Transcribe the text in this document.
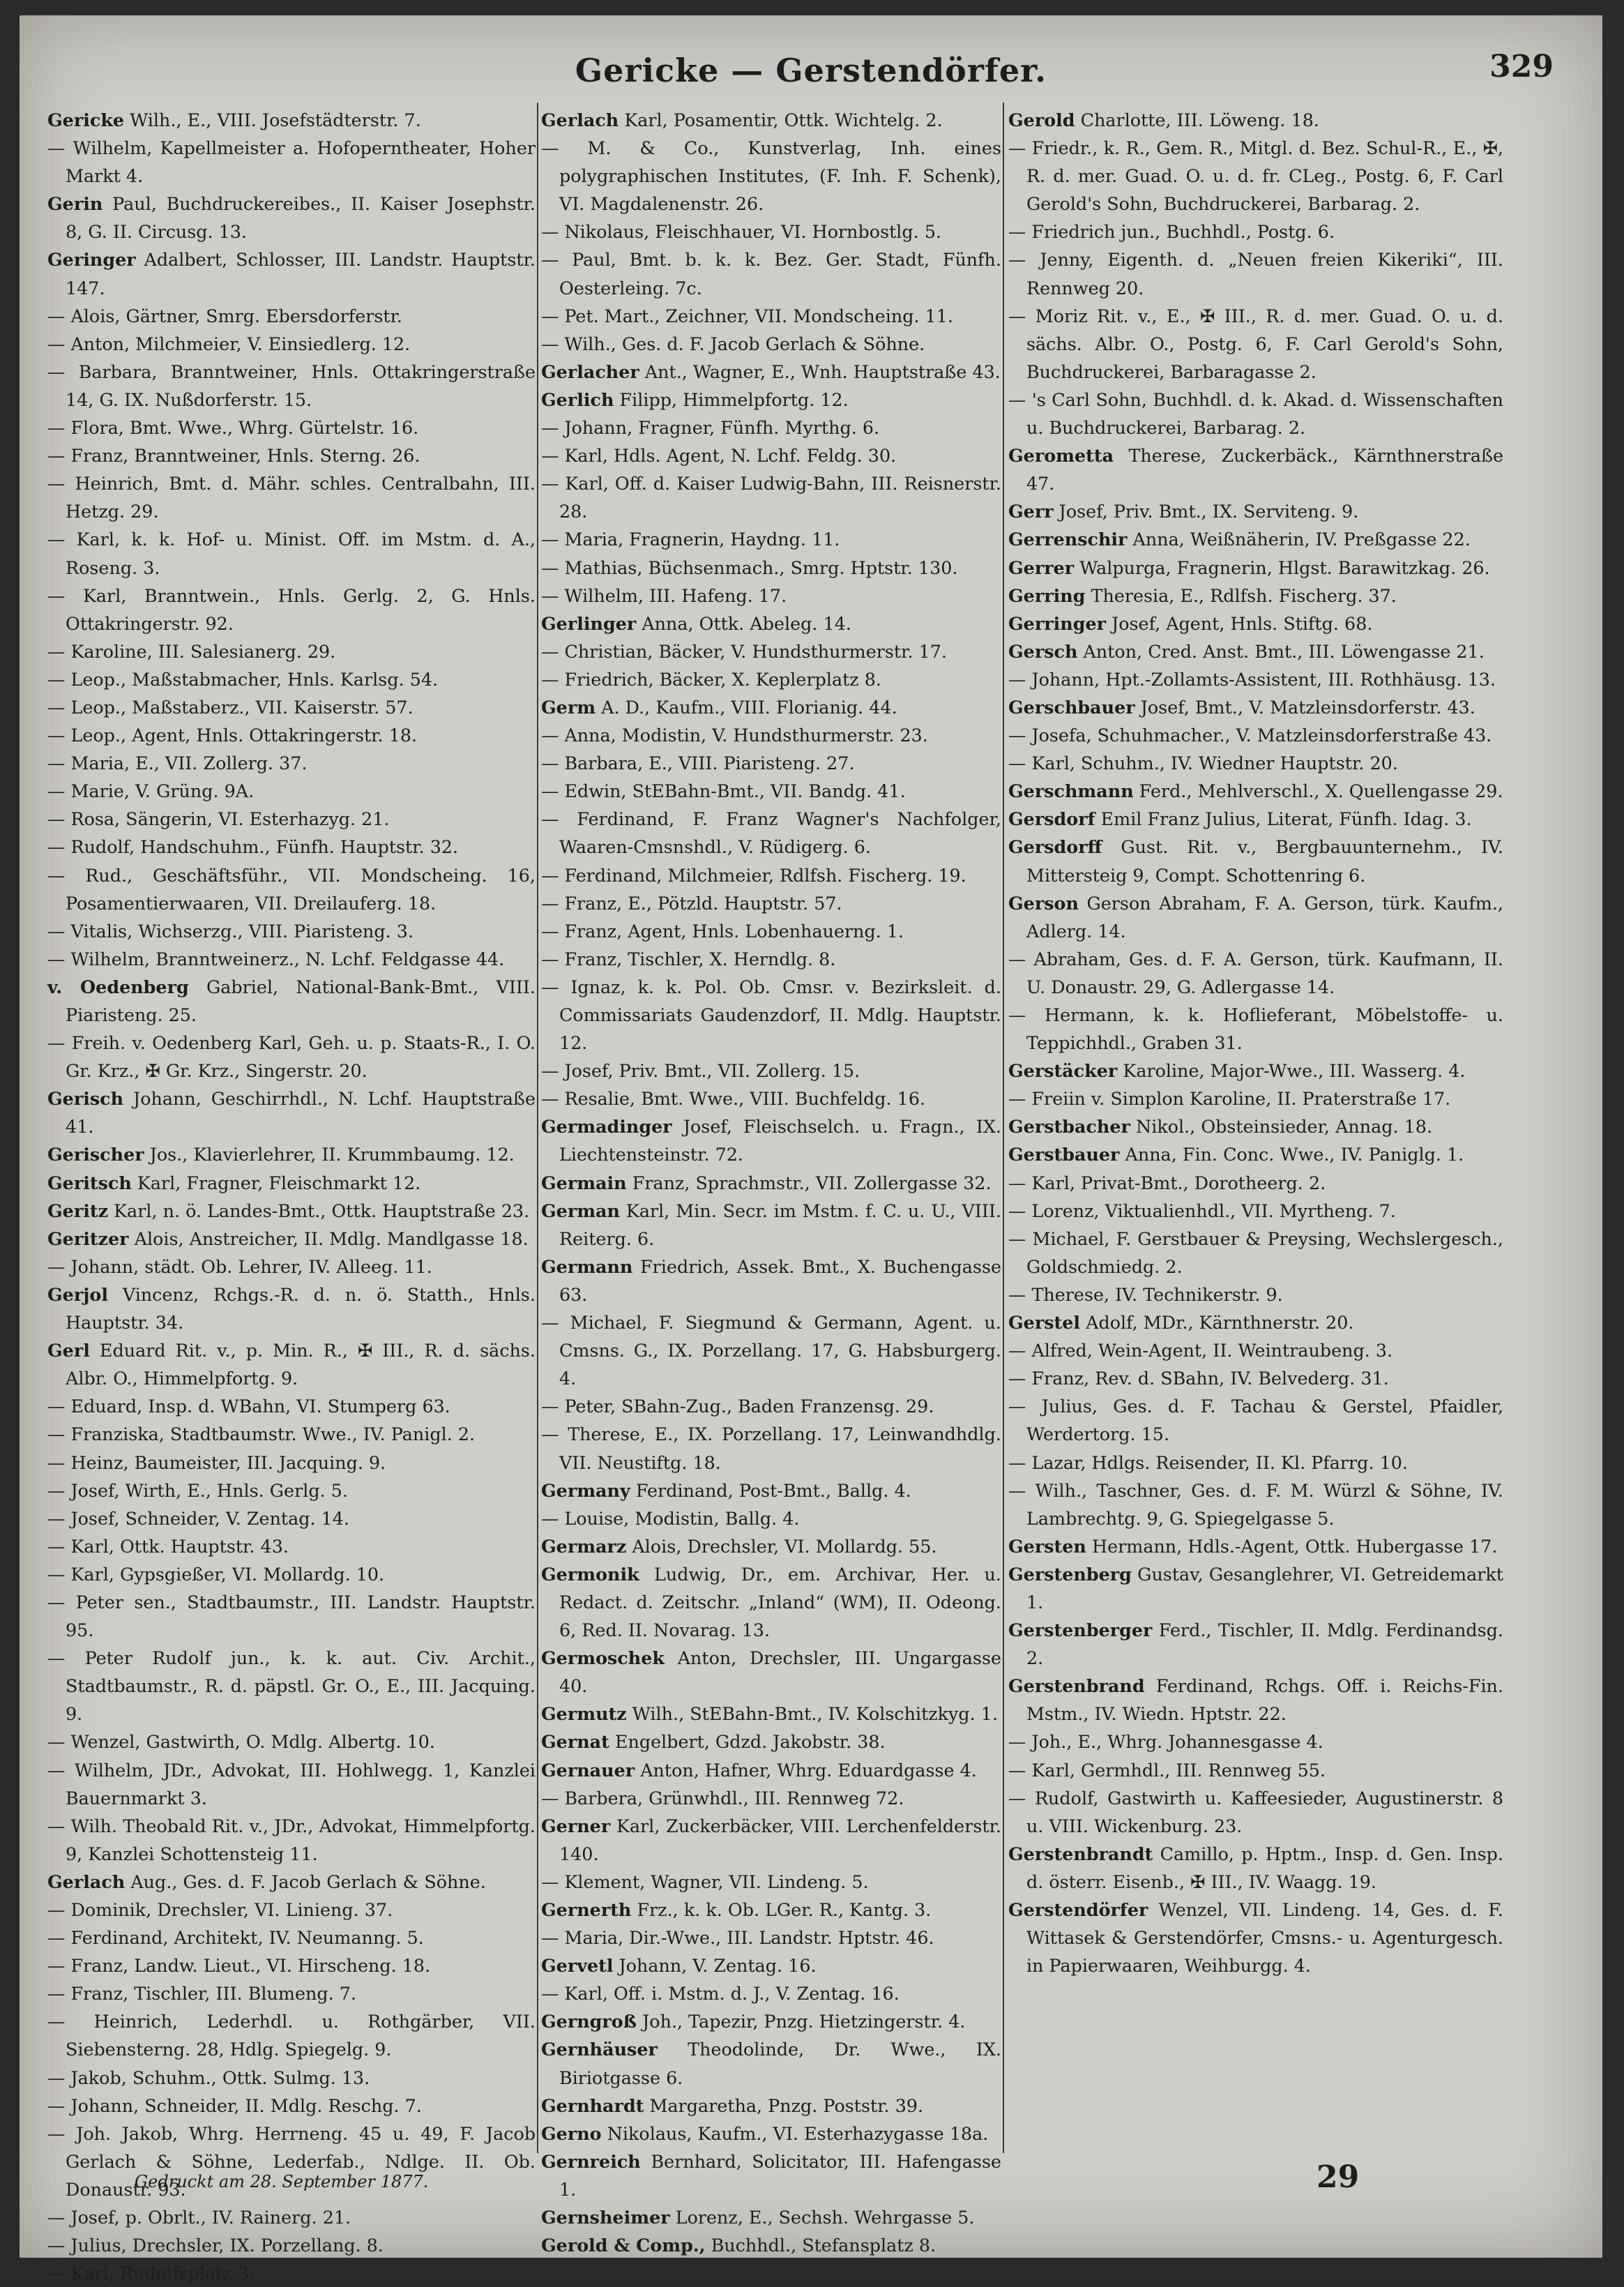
Gericke — Gerstendörfer.	329
Gericke Wilh., E., VIII. Josefstädterstr. 7.
— Wilhelm, Kapellmeister a. Hofoperntheater, Hoher Markt 4.
Gerin Paul, Buchdruckereibes., II. Kaiser Josephstr. 8, G. II. Circusg. 13.
Geringer Adalbert, Schlosser, III. Landstr. Hauptstr. 147.
— Alois, Gärtner, Smrg. Ebersdorferstr.
— Anton, Milchmeier, V. Einsiedlerg. 12.
— Barbara, Branntweiner, Hnls. Ottakringerstraße 14, G. IX. Nußdorferstr. 15.
— Flora, Bmt. Wwe., Whrg. Gürtelstr. 16.
— Franz, Branntweiner, Hnls. Sterng. 26.
— Heinrich, Bmt. d. Mähr. schles. Centralbahn, III. Hetzg. 29.
— Karl, k. k. Hof- u. Minist. Off. im Mstm. d. A., Roseng. 3.
— Karl, Branntwein., Hnls. Gerlg. 2, G. Hnls. Ottakringerstr. 92.
— Karoline, III. Salesianerg. 29.
— Leop., Maßstabmacher, Hnls. Karlsg. 54.
— Leop., Maßstaberz., VII. Kaiserstr. 57.
— Leop., Agent, Hnls. Ottakringerstr. 18.
— Maria, E., VII. Zollerg. 37.
— Marie, V. Grüng. 9A.
— Rosa, Sängerin, VI. Esterhazyg. 21.
— Rudolf, Handschuhm., Fünfh. Hauptstr. 32.
— Rud., Geschäftsführ., VII. Mondscheing. 16, Posamentierwaaren, VII. Dreilauferg. 18.
— Vitalis, Wichserzg., VIII. Piaristeng. 3.
— Wilhelm, Branntweinerz., N. Lchf. Feldgasse 44.
v. Oedenberg Gabriel, National-Bank-Bmt., VIII. Piaristeng. 25.
— Freih. v. Oedenberg Karl, Geh. u. p. Staats-R., I. O. Gr. Krz., ✠ Gr. Krz., Singerstr. 20.
Gerisch Johann, Geschirrhdl., N. Lchf. Hauptstraße 41.
Gerischer Jos., Klavierlehrer, II. Krummbaumg. 12.
Geritsch Karl, Fragner, Fleischmarkt 12.
Geritz Karl, n. ö. Landes-Bmt., Ottk. Hauptstraße 23.
Geritzer Alois, Anstreicher, II. Mdlg. Mandlgasse 18.
— Johann, städt. Ob. Lehrer, IV. Alleeg. 11.
Gerjol Vincenz, Rchgs.-R. d. n. ö. Statth., Hnls. Hauptstr. 34.
Gerl Eduard Rit. v., p. Min. R., ✠ III., R. d. sächs. Albr. O., Himmelpfortg. 9.
— Eduard, Insp. d. WBahn, VI. Stumperg 63.
— Franziska, Stadtbaumstr. Wwe., IV. Panigl. 2.
— Heinz, Baumeister, III. Jacquing. 9.
— Josef, Wirth, E., Hnls. Gerlg. 5.
— Josef, Schneider, V. Zentag. 14.
— Karl, Ottk. Hauptstr. 43.
— Karl, Gypsgießer, VI. Mollardg. 10.
— Peter sen., Stadtbaumstr., III. Landstr. Hauptstr. 95.
— Peter Rudolf jun., k. k. aut. Civ. Archit., Stadtbaumstr., R. d. päpstl. Gr. O., E., III. Jacquing. 9.
— Wenzel, Gastwirth, O. Mdlg. Albertg. 10.
— Wilhelm, JDr., Advokat, III. Hohlwegg. 1, Kanzlei Bauernmarkt 3.
— Wilh. Theobald Rit. v., JDr., Advokat, Himmelpfortg. 9, Kanzlei Schottensteig 11.
Gerlach Aug., Ges. d. F. Jacob Gerlach & Söhne.
— Dominik, Drechsler, VI. Linieng. 37.
— Ferdinand, Architekt, IV. Neumanng. 5.
— Franz, Landw. Lieut., VI. Hirscheng. 18.
— Franz, Tischler, III. Blumeng. 7.
— Heinrich, Lederhdl. u. Rothgärber, VII. Siebensterng. 28, Hdlg. Spiegelg. 9.
— Jakob, Schuhm., Ottk. Sulmg. 13.
— Johann, Schneider, II. Mdlg. Reschg. 7.
— Joh. Jakob, Whrg. Herrneng. 45 u. 49, F. Jacob Gerlach & Söhne, Lederfab., Ndlge. II. Ob. Donaustr. 93.
— Josef, p. Obrlt., IV. Rainerg. 21.
— Julius, Drechsler, IX. Porzellang. 8.
— Karl, Rudolfsplatz 3.
Gerlach Karl, Posamentir, Ottk. Wichtelg. 2.
— M. & Co., Kunstverlag, Inh. eines polygraphischen Institutes, (F. Inh. F. Schenk), VI. Magdalenenstr. 26.
— Nikolaus, Fleischhauer, VI. Hornbostlg. 5.
— Paul, Bmt. b. k. k. Bez. Ger. Stadt, Fünfh. Oesterleing. 7c.
— Pet. Mart., Zeichner, VII. Mondscheing. 11.
— Wilh., Ges. d. F. Jacob Gerlach & Söhne.
Gerlacher Ant., Wagner, E., Wnh. Hauptstraße 43.
Gerlich Filipp, Himmelpfortg. 12.
— Johann, Fragner, Fünfh. Myrthg. 6.
— Karl, Hdls. Agent, N. Lchf. Feldg. 30.
— Karl, Off. d. Kaiser Ludwig-Bahn, III. Reisnerstr. 28.
— Maria, Fragnerin, Haydng. 11.
— Mathias, Büchsenmach., Smrg. Hptstr. 130.
— Wilhelm, III. Hafeng. 17.
Gerlinger Anna, Ottk. Abeleg. 14.
— Christian, Bäcker, V. Hundsthurmerstr. 17.
— Friedrich, Bäcker, X. Keplerplatz 8.
Germ A. D., Kaufm., VIII. Florianig. 44.
— Anna, Modistin, V. Hundsthurmerstr. 23.
— Barbara, E., VIII. Piaristeng. 27.
— Edwin, StEBahn-Bmt., VII. Bandg. 41.
— Ferdinand, F. Franz Wagner's Nachfolger, Waaren-Cmsnshdl., V. Rüdigerg. 6.
— Ferdinand, Milchmeier, Rdlfsh. Fischerg. 19.
— Franz, E., Pötzld. Hauptstr. 57.
— Franz, Agent, Hnls. Lobenhauerng. 1.
— Franz, Tischler, X. Herndlg. 8.
— Ignaz, k. k. Pol. Ob. Cmsr. v. Bezirksleit. d. Commissariats Gaudenzdorf, II. Mdlg. Hauptstr. 12.
— Josef, Priv. Bmt., VII. Zollerg. 15.
— Resalie, Bmt. Wwe., VIII. Buchfeldg. 16.
Germadinger Josef, Fleischselch. u. Fragn., IX. Liechtensteinstr. 72.
Germain Franz, Sprachmstr., VII. Zollergasse 32.
German Karl, Min. Secr. im Mstm. f. C. u. U., VIII. Reiterg. 6.
Germann Friedrich, Assek. Bmt., X. Buchengasse 63.
— Michael, F. Siegmund & Germann, Agent. u. Cmsns. G., IX. Porzellang. 17, G. Habsburgerg. 4.
— Peter, SBahn-Zug., Baden Franzensg. 29.
— Therese, E., IX. Porzellang. 17, Leinwandhdlg. VII. Neustiftg. 18.
Germany Ferdinand, Post-Bmt., Ballg. 4.
— Louise, Modistin, Ballg. 4.
Germarz Alois, Drechsler, VI. Mollardg. 55.
Germonik Ludwig, Dr., em. Archivar, Her. u. Redact. d. Zeitschr. „Inland“ (WM), II. Odeong. 6, Red. II. Novarag. 13.
Germoschek Anton, Drechsler, III. Ungargasse 40.
Germutz Wilh., StEBahn-Bmt., IV. Kolschitzkyg. 1.
Gernat Engelbert, Gdzd. Jakobstr. 38.
Gernauer Anton, Hafner, Whrg. Eduardgasse 4.
— Barbera, Grünwhdl., III. Rennweg 72.
Gerner Karl, Zuckerbäcker, VIII. Lerchenfelderstr. 140.
— Klement, Wagner, VII. Lindeng. 5.
Gernerth Frz., k. k. Ob. LGer. R., Kantg. 3.
— Maria, Dir.-Wwe., III. Landstr. Hptstr. 46.
Gervetl Johann, V. Zentag. 16.
— Karl, Off. i. Mstm. d. J., V. Zentag. 16.
Gerngroß Joh., Tapezir, Pnzg. Hietzingerstr. 4.
Gernhäuser Theodolinde, Dr. Wwe., IX. Biriotgasse 6.
Gernhardt Margaretha, Pnzg. Poststr. 39.
Gerno Nikolaus, Kaufm., VI. Esterhazygasse 18a.
Gernreich Bernhard, Solicitator, III. Hafengasse 1.
Gernsheimer Lorenz, E., Sechsh. Wehrgasse 5.
Gerold & Comp., Buchhdl., Stefansplatz 8.
Gerold Charlotte, III. Löweng. 18.
— Friedr., k. R., Gem. R., Mitgl. d. Bez. Schul-R., E., ✠, R. d. mer. Guad. O. u. d. fr. CLeg., Postg. 6, F. Carl Gerold's Sohn, Buchdruckerei, Barbarag. 2.
— Friedrich jun., Buchhdl., Postg. 6.
— Jenny, Eigenth. d. „Neuen freien Kikeriki“, III. Rennweg 20.
— Moriz Rit. v., E., ✠ III., R. d. mer. Guad. O. u. d. sächs. Albr. O., Postg. 6, F. Carl Gerold's Sohn, Buchdruckerei, Barbaragasse 2.
— 's Carl Sohn, Buchhdl. d. k. Akad. d. Wissenschaften u. Buchdruckerei, Barbarag. 2.
Gerometta Therese, Zuckerbäck., Kärnthnerstraße 47.
Gerr Josef, Priv. Bmt., IX. Serviteng. 9.
Gerrenschir Anna, Weißnäherin, IV. Preßgasse 22.
Gerrer Walpurga, Fragnerin, Hlgst. Barawitzkag. 26.
Gerring Theresia, E., Rdlfsh. Fischerg. 37.
Gerringer Josef, Agent, Hnls. Stiftg. 68.
Gersch Anton, Cred. Anst. Bmt., III. Löwengasse 21.
— Johann, Hpt.-Zollamts-Assistent, III. Rothhäusg. 13.
Gerschbauer Josef, Bmt., V. Matzleinsdorferstr. 43.
— Josefa, Schuhmacher., V. Matzleinsdorferstraße 43.
— Karl, Schuhm., IV. Wiedner Hauptstr. 20.
Gerschmann Ferd., Mehlverschl., X. Quellengasse 29.
Gersdorf Emil Franz Julius, Literat, Fünfh. Idag. 3.
Gersdorff Gust. Rit. v., Bergbauunternehm., IV. Mittersteig 9, Compt. Schottenring 6.
Gerson Gerson Abraham, F. A. Gerson, türk. Kaufm., Adlerg. 14.
— Abraham, Ges. d. F. A. Gerson, türk. Kaufmann, II. U. Donaustr. 29, G. Adlergasse 14.
— Hermann, k. k. Hoflieferant, Möbelstoffe- u. Teppichhdl., Graben 31.
Gerstäcker Karoline, Major-Wwe., III. Wasserg. 4.
— Freiin v. Simplon Karoline, II. Praterstraße 17.
Gerstbacher Nikol., Obsteinsieder, Annag. 18.
Gerstbauer Anna, Fin. Conc. Wwe., IV. Paniglg. 1.
— Karl, Privat-Bmt., Dorotheerg. 2.
— Lorenz, Viktualienhdl., VII. Myrtheng. 7.
— Michael, F. Gerstbauer & Preysing, Wechslergesch., Goldschmiedg. 2.
— Therese, IV. Technikerstr. 9.
Gerstel Adolf, MDr., Kärnthnerstr. 20.
— Alfred, Wein-Agent, II. Weintraubeng. 3.
— Franz, Rev. d. SBahn, IV. Belvederg. 31.
— Julius, Ges. d. F. Tachau & Gerstel, Pfaidler, Werdertorg. 15.
— Lazar, Hdlgs. Reisender, II. Kl. Pfarrg. 10.
— Wilh., Taschner, Ges. d. F. M. Würzl & Söhne, IV. Lambrechtg. 9, G. Spiegelgasse 5.
Gersten Hermann, Hdls.-Agent, Ottk. Hubergasse 17.
Gerstenberg Gustav, Gesanglehrer, VI. Getreidemarkt 1.
Gerstenberger Ferd., Tischler, II. Mdlg. Ferdinandsg. 2.
Gerstenbrand Ferdinand, Rchgs. Off. i. Reichs-Fin. Mstm., IV. Wiedn. Hptstr. 22.
— Joh., E., Whrg. Johannesgasse 4.
— Karl, Germhdl., III. Rennweg 55.
— Rudolf, Gastwirth u. Kaffeesieder, Augustinerstr. 8 u. VIII. Wickenburg. 23.
Gerstenbrandt Camillo, p. Hptm., Insp. d. Gen. Insp. d. österr. Eisenb., ✠ III., IV. Waagg. 19.
Gerstendörfer Wenzel, VII. Lindeng. 14, Ges. d. F. Wittasek & Gerstendörfer, Cmsns.- u. Agenturgesch. in Papierwaaren, Weihburgg. 4.
Gedruckt am 28. September 1877.	29
